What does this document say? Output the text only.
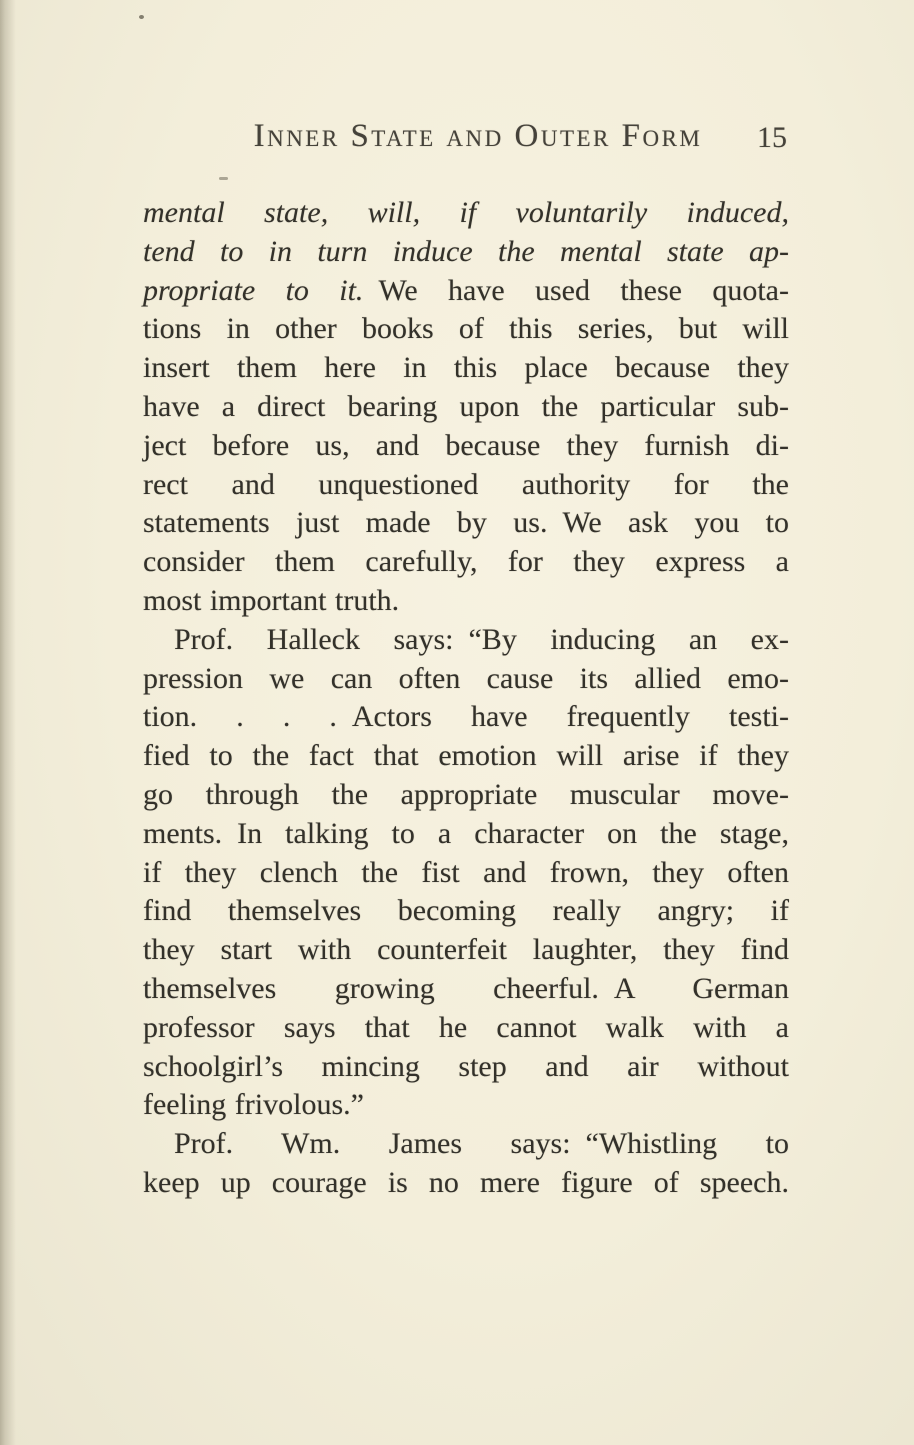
Inner State and Outer Form 15
mental state, will, if voluntarily induced,
tend to in turn induce the mental state ap-
propriate to it. We have used these quota-
tions in other books of this series, but will
insert them here in this place because they
have a direct bearing upon the particular sub-
ject before us, and because they furnish di-
rect and unquestioned authority for the
statements just made by us. We ask you to
consider them carefully, for they express a
most important truth.
Prof. Halleck says: “By inducing an ex-
pression we can often cause its allied emo-
tion. . . . Actors have frequently testi-
fied to the fact that emotion will arise if they
go through the appropriate muscular move-
ments. In talking to a character on the stage,
if they clench the fist and frown, they often
find themselves becoming really angry; if
they start with counterfeit laughter, they find
themselves growing cheerful. A German
professor says that he cannot walk with a
schoolgirl’s mincing step and air without
feeling frivolous.”
Prof. Wm. James says: “Whistling to
keep up courage is no mere figure of speech.
